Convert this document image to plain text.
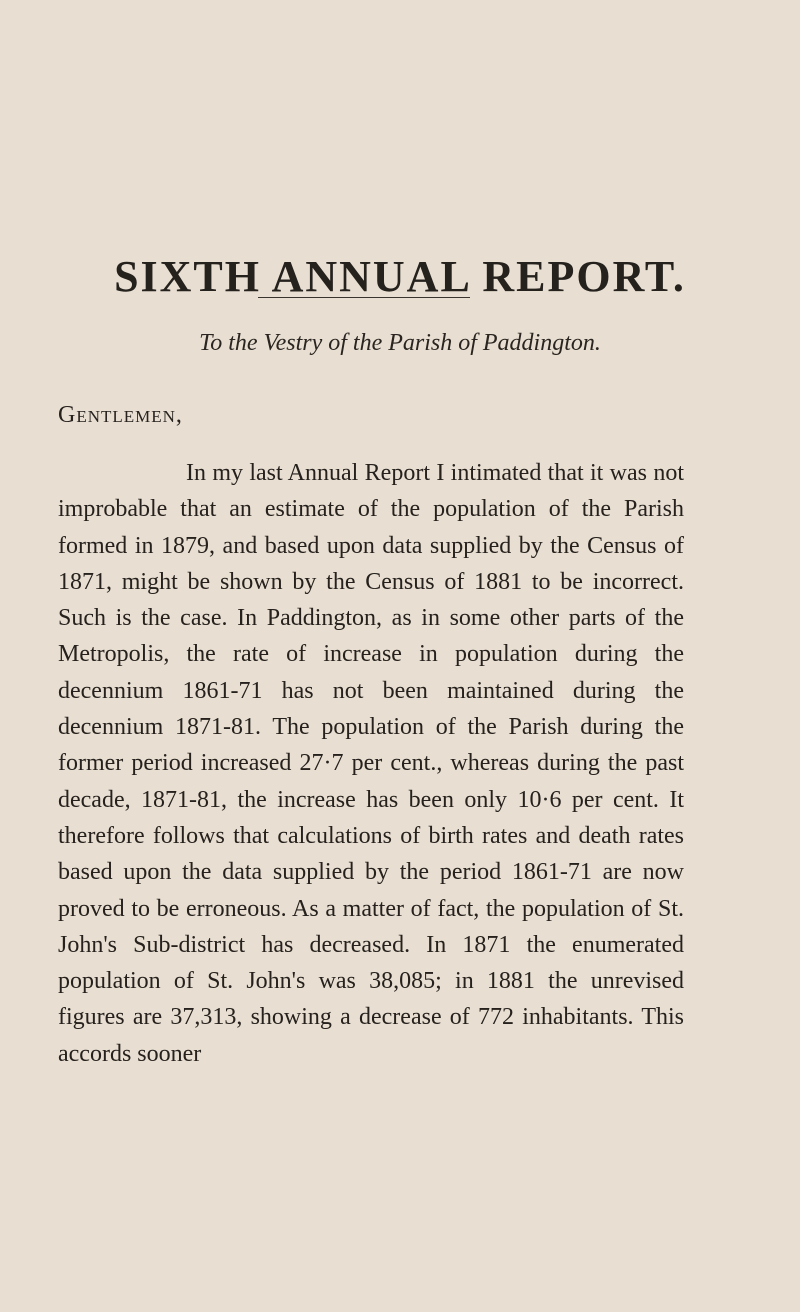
SIXTH ANNUAL REPORT.
To the Vestry of the Parish of Paddington.
Gentlemen,

In my last Annual Report I intimated that it was not improbable that an estimate of the population of the Parish formed in 1879, and based upon data supplied by the Census of 1871, might be shown by the Census of 1881 to be incorrect. Such is the case. In Paddington, as in some other parts of the Metropolis, the rate of increase in population during the decennium 1861-71 has not been maintained during the decennium 1871-81. The population of the Parish during the former period increased 27·7 per cent., whereas during the past decade, 1871-81, the increase has been only 10·6 per cent. It therefore follows that calculations of birth rates and death rates based upon the data supplied by the period 1861-71 are now proved to be erroneous. As a matter of fact, the population of St. John's Sub-district has decreased. In 1871 the enumerated population of St. John's was 38,085; in 1881 the unrevised figures are 37,313, showing a decrease of 772 inhabitants. This accords sooner
